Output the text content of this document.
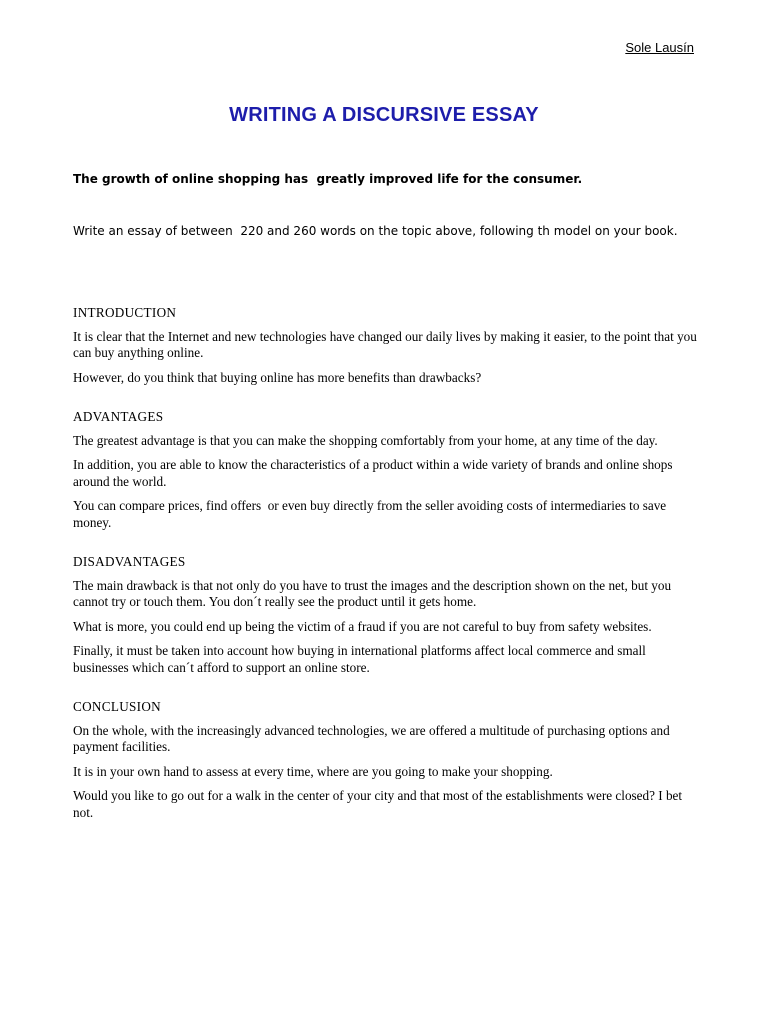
Sole Lausín
WRITING A DISCURSIVE ESSAY
The growth of online shopping has  greatly improved life for the consumer.
Write an essay of between  220 and 260 words on the topic above, following th model on your book.
INTRODUCTION

It is clear that the Internet and new technologies have changed our daily lives by making it easier, to the point that you can buy anything online.

However, do you think that buying online has more benefits than drawbacks?

ADVANTAGES

The greatest advantage is that you can make the shopping comfortably from your home, at any time of the day.

In addition, you are able to know the characteristics of a product within a wide variety of brands and online shops around the world.

You can compare prices, find offers  or even buy directly from the seller avoiding costs of intermediaries to save money.

DISADVANTAGES

The main drawback is that not only do you have to trust the images and the description shown on the net, but you cannot try or touch them. You don´t really see the product until it gets home.

What is more, you could end up being the victim of a fraud if you are not careful to buy from safety websites.

Finally, it must be taken into account how buying in international platforms affect local commerce and small businesses which can´t afford to support an online store.

CONCLUSION

On the whole, with the increasingly advanced technologies, we are offered a multitude of purchasing options and payment facilities.

It is in your own hand to assess at every time, where are you going to make your shopping.

Would you like to go out for a walk in the center of your city and that most of the establishments were closed? I bet not.
